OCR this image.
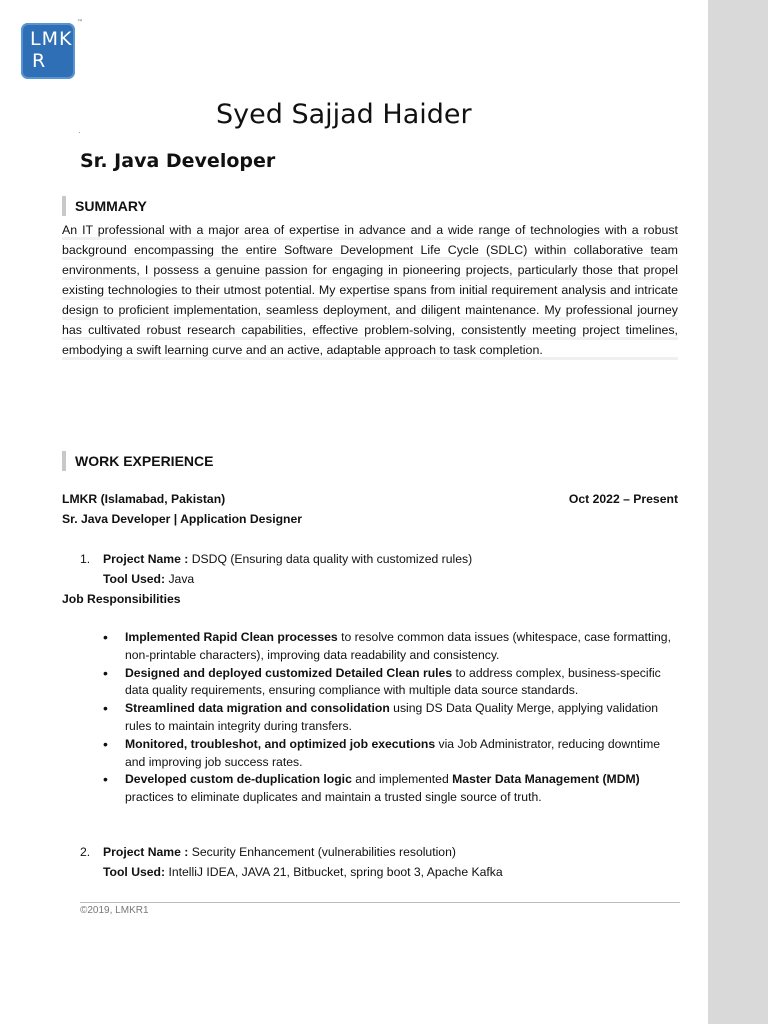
LMK
R
™
Syed Sajjad Haider
·
Sr. Java Developer
SUMMARY
An IT professional with a major area of expertise in advance and a wide range of technologies with a robust background encompassing the entire Software Development Life Cycle (SDLC) within collaborative team environments, I possess a genuine passion for engaging in pioneering projects, particularly those that propel existing technologies to their utmost potential. My expertise spans from initial requirement analysis and intricate design to proficient implementation, seamless deployment, and diligent maintenance. My professional journey has cultivated robust research capabilities, effective problem-solving, consistently meeting project timelines, embodying a swift learning curve and an active, adaptable approach to task completion.
WORK EXPERIENCE
LMKR (Islamabad, Pakistan)	Oct 2022 – Present
Sr. Java Developer | Application Designer
1. Project Name : DSDQ (Ensuring data quality with customized rules)
Tool Used: Java
Job Responsibilities
• Implemented Rapid Clean processes to resolve common data issues (whitespace, case formatting, non-printable characters), improving data readability and consistency.
• Designed and deployed customized Detailed Clean rules to address complex, business-specific data quality requirements, ensuring compliance with multiple data source standards.
• Streamlined data migration and consolidation using DS Data Quality Merge, applying validation rules to maintain integrity during transfers.
• Monitored, troubleshot, and optimized job executions via Job Administrator, reducing downtime and improving job success rates.
• Developed custom de-duplication logic and implemented Master Data Management (MDM) practices to eliminate duplicates and maintain a trusted single source of truth.
2. Project Name : Security Enhancement (vulnerabilities resolution)
Tool Used: IntelliJ IDEA, JAVA 21, Bitbucket, spring boot 3, Apache Kafka
©2019, LMKR1
